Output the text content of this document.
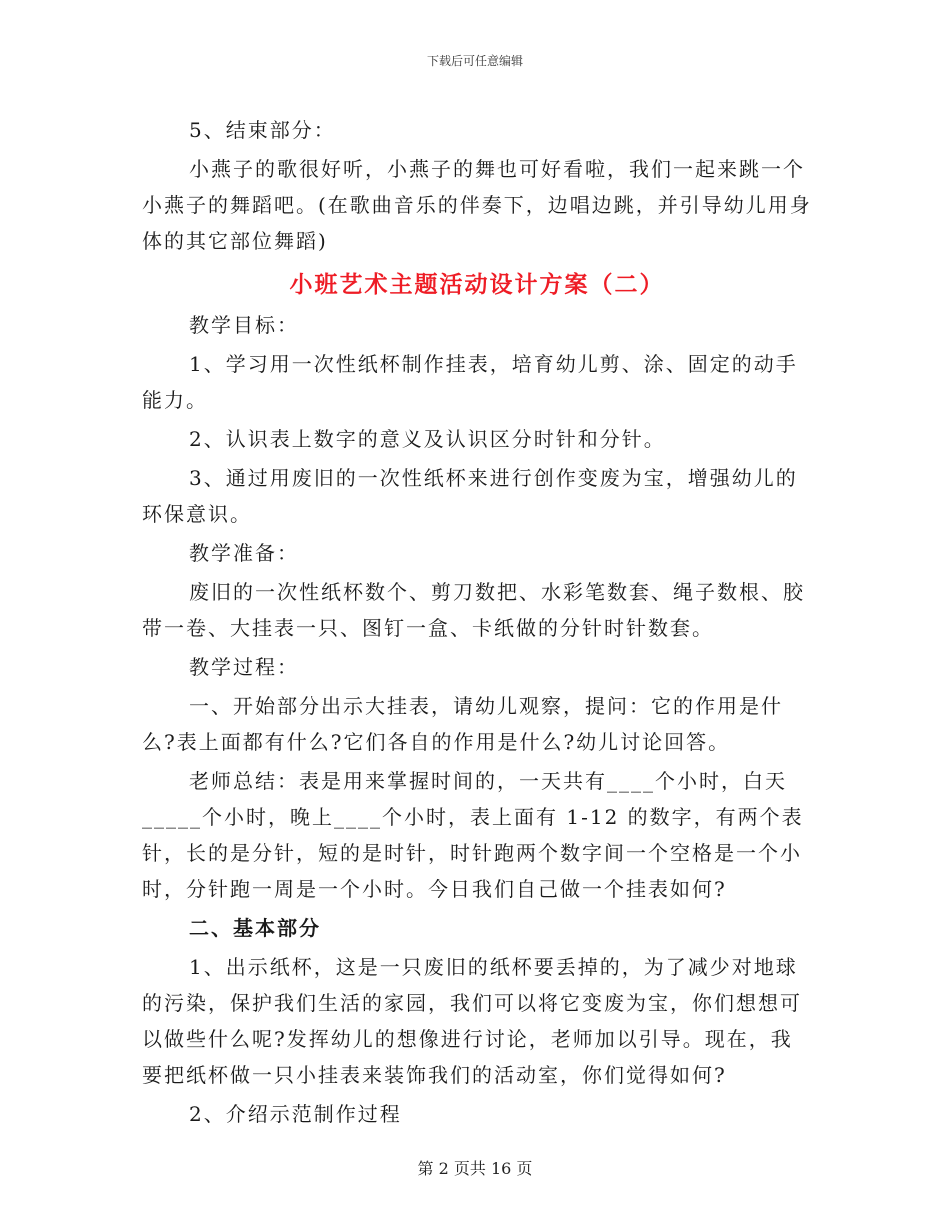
下载后可任意编辑

5、结束部分：

小燕子的歌很好听，小燕子的舞也可好看啦，我们一起来跳一个小燕子的舞蹈吧。(在歌曲音乐的伴奏下，边唱边跳，并引导幼儿用身体的其它部位舞蹈)

小班艺术主题活动设计方案（二）

教学目标：

1、学习用一次性纸杯制作挂表，培育幼儿剪、涂、固定的动手能力。

2、认识表上数字的意义及认识区分时针和分针。

3、通过用废旧的一次性纸杯来进行创作变废为宝，增强幼儿的环保意识。

教学准备：

废旧的一次性纸杯数个、剪刀数把、水彩笔数套、绳子数根、胶带一卷、大挂表一只、图钉一盒、卡纸做的分针时针数套。

教学过程：

一、开始部分出示大挂表，请幼儿观察，提问：它的作用是什么?表上面都有什么?它们各自的作用是什么?幼儿讨论回答。

老师总结：表是用来掌握时间的，一天共有____个小时，白天_____个小时，晚上____个小时，表上面有 1-12 的数字，有两个表针，长的是分针，短的是时针，时针跑两个数字间一个空格是一个小时，分针跑一周是一个小时。今日我们自己做一个挂表如何?

二、基本部分

1、出示纸杯，这是一只废旧的纸杯要丢掉的，为了减少对地球的污染，保护我们生活的家园，我们可以将它变废为宝，你们想想可以做些什么呢?发挥幼儿的想像进行讨论，老师加以引导。现在，我要把纸杯做一只小挂表来装饰我们的活动室，你们觉得如何?

2、介绍示范制作过程

第 2 页共 16 页
